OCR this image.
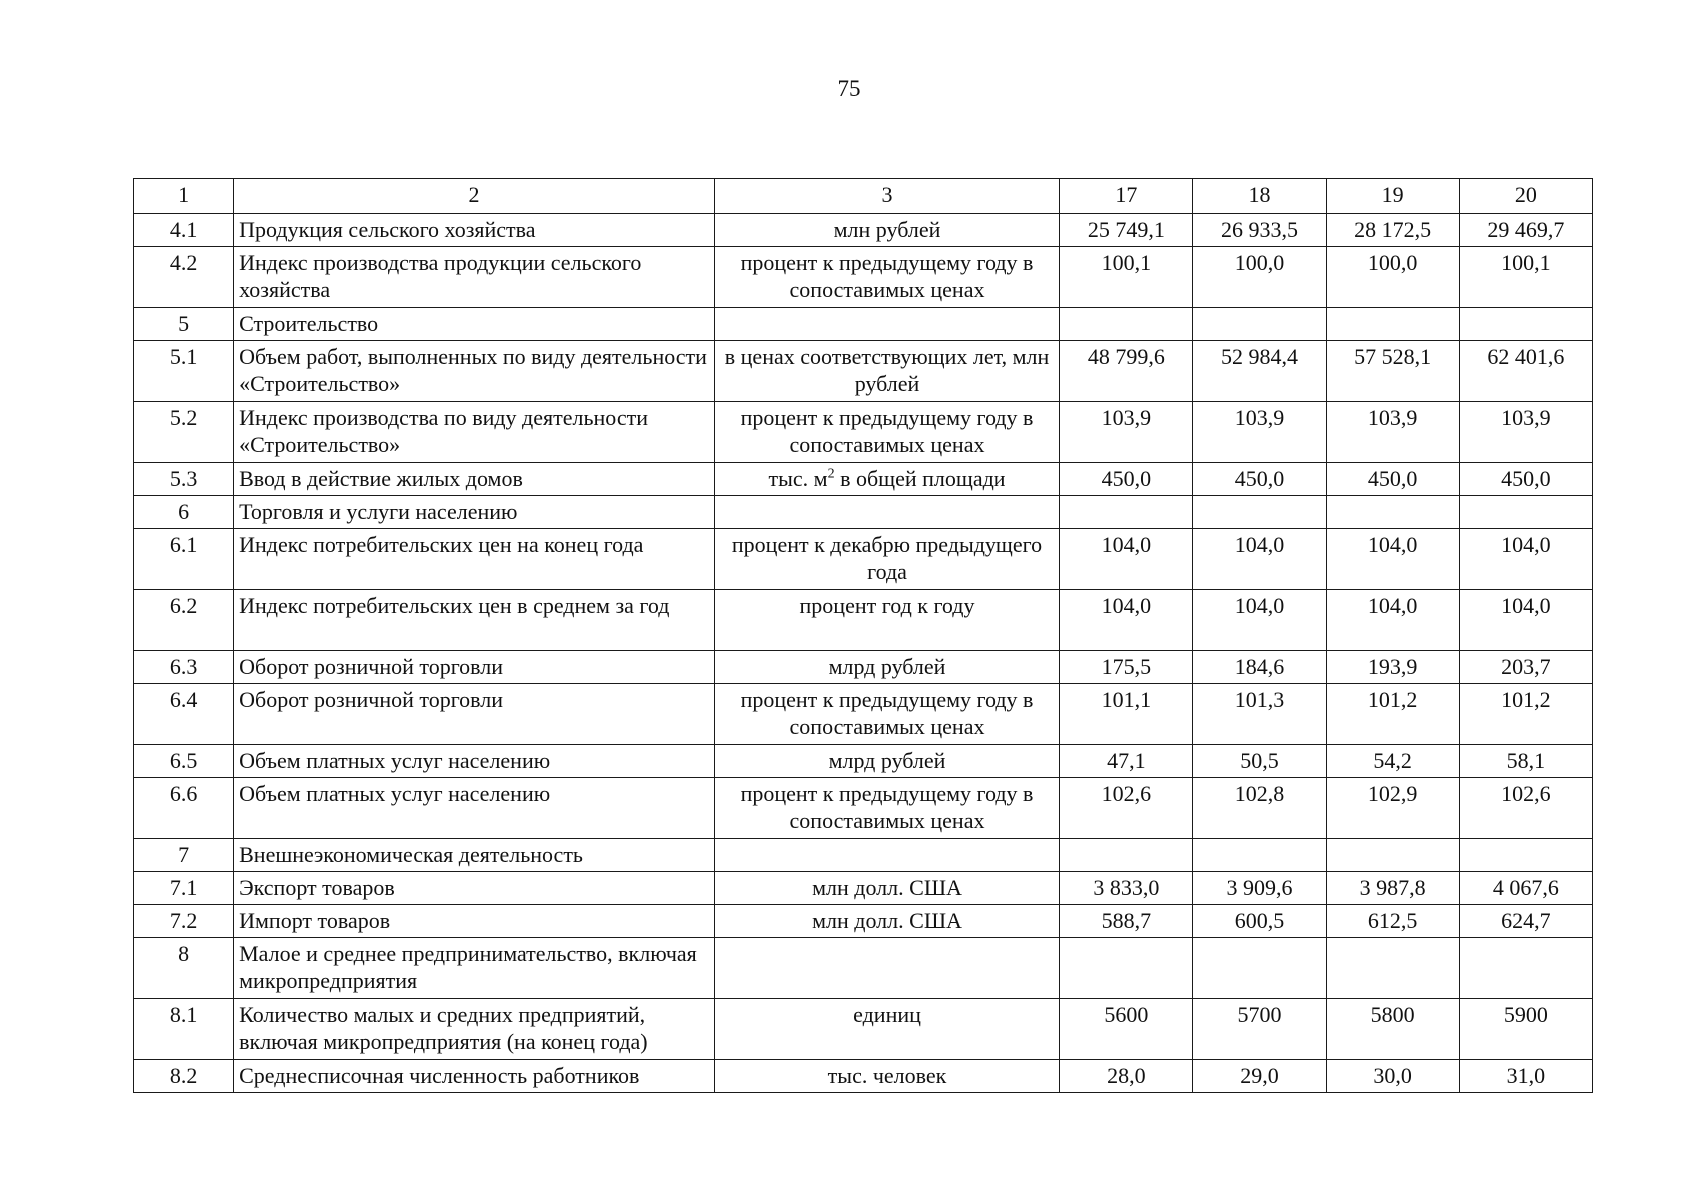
75
1	2	3	17	18	19	20
4.1	Продукция сельского хозяйства	млн рублей	25 749,1	26 933,5	28 172,5	29 469,7
4.2	Индекс производства продукции сельского хозяйства	процент к предыдущему году в сопоставимых ценах	100,1	100,0	100,0	100,1
5	Строительство					
5.1	Объем работ, выполненных по виду деятельности «Строительство»	в ценах соответствующих лет, млн рублей	48 799,6	52 984,4	57 528,1	62 401,6
5.2	Индекс производства по виду деятельности «Строительство»	процент к предыдущему году в сопоставимых ценах	103,9	103,9	103,9	103,9
5.3	Ввод в действие жилых домов	тыс. $м^2$ в общей площади	450,0	450,0	450,0	450,0
6	Торговля и услуги населению					
6.1	Индекс потребительских цен на конец года	процент к декабрю предыдущего года	104,0	104,0	104,0	104,0
6.2	Индекс потребительских цен в среднем за год	процент год к году	104,0	104,0	104,0	104,0
6.3	Оборот розничной торговли	млрд рублей	175,5	184,6	193,9	203,7
6.4	Оборот розничной торговли	процент к предыдущему году в сопоставимых ценах	101,1	101,3	101,2	101,2
6.5	Объем платных услуг населению	млрд рублей	47,1	50,5	54,2	58,1
6.6	Объем платных услуг населению	процент к предыдущему году в сопоставимых ценах	102,6	102,8	102,9	102,6
7	Внешнеэкономическая деятельность					
7.1	Экспорт товаров	млн долл. США	3 833,0	3 909,6	3 987,8	4 067,6
7.2	Импорт товаров	млн долл. США	588,7	600,5	612,5	624,7
8	Малое и среднее предпринимательство, включая микропредприятия					
8.1	Количество малых и средних предприятий, включая микропредприятия (на конец года)	единиц	5600	5700	5800	5900
8.2	Среднесписочная численность работников	тыс. человек	28,0	29,0	30,0	31,0
